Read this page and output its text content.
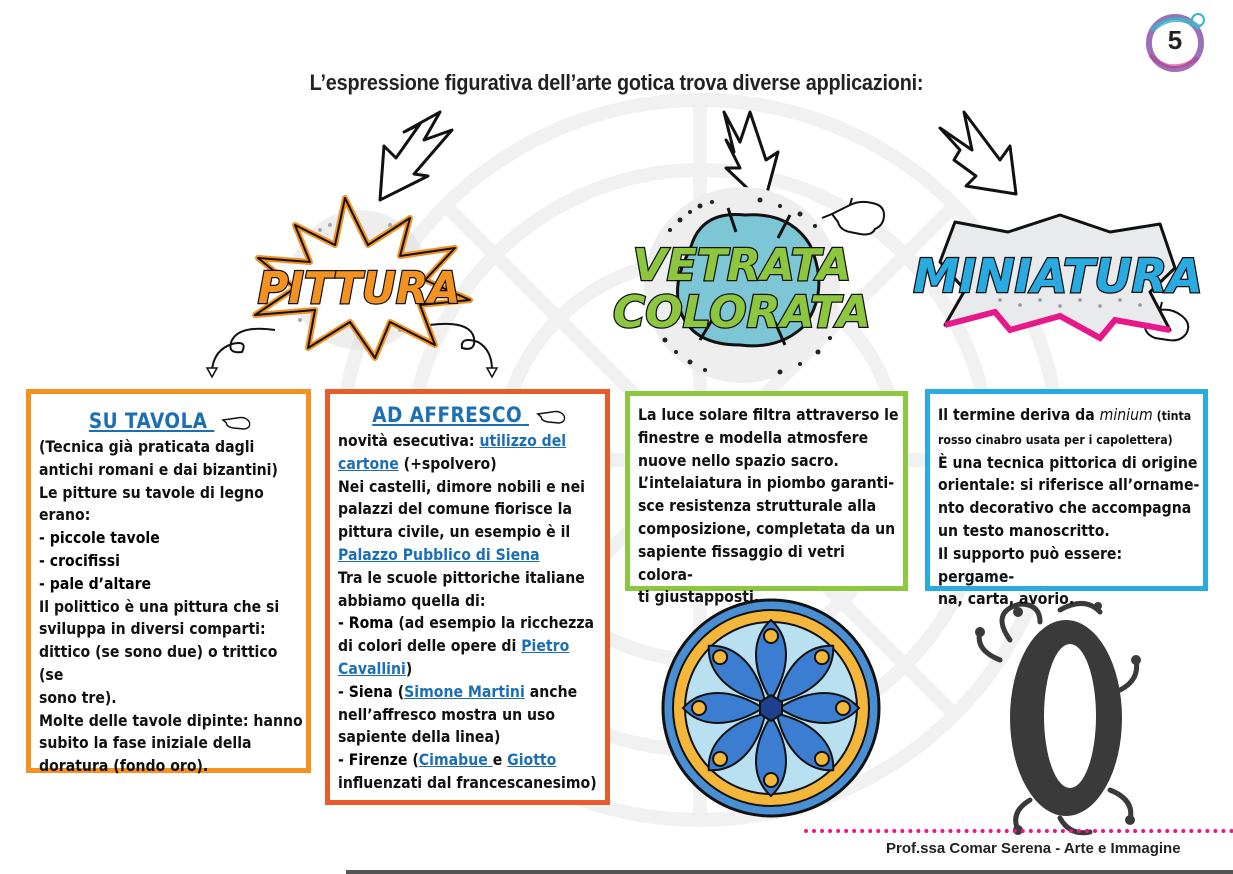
5
L’espressione figurativa dell’arte gotica trova diverse applicazioni:
PITTURA	VETRATA
COLORATA
MINIATURA
SU TAVOLA

(Tecnica già praticata dagli
antichi romani e dai bizantini)
Le pitture su tavole di legno
erano:

- piccole tavole

- crocifissi

- pale d’altare

Il polittico è una pittura che si
sviluppa in diversi comparti:
dittico (se sono due) o trittico (se
sono tre).

Molte delle tavole dipinte: hanno
subito la fase iniziale della
doratura (fondo oro).

AD AFFRESCO

novità esecutiva: utilizzo del
cartone (+spolvero)

Nei castelli, dimore nobili e nei
palazzi del comune fiorisce la
pittura civile, un esempio è il

Palazzo Pubblico di Siena

Tra le scuole pittoriche italiane
abbiamo quella di:

- Roma (ad esempio la ricchezza
di colori delle opere di Pietro
Cavallini)

- Siena (Simone Martini anche
nell’affresco mostra un uso
sapiente della linea)

- Firenze (Cimabue e Giotto
influenzati dal francescanesimo)

La luce solare filtra attraverso le
finestre e modella atmosfere
nuove nello spazio sacro.
L’intelaiatura in piombo garanti-
sce resistenza strutturale alla
composizione, completata da un
sapiente fissaggio di vetri colora-
ti giustapposti.

Il termine deriva da minium (tinta
rosso cinabro usata per i capolettera)

È una tecnica pittorica di origine
orientale: si riferisce all’orname-
nto decorativo che accompagna
un testo manoscritto.
Il supporto può essere: pergame-
na, carta, avorio.

Prof.ssa Comar Serena - Arte e Immagine
